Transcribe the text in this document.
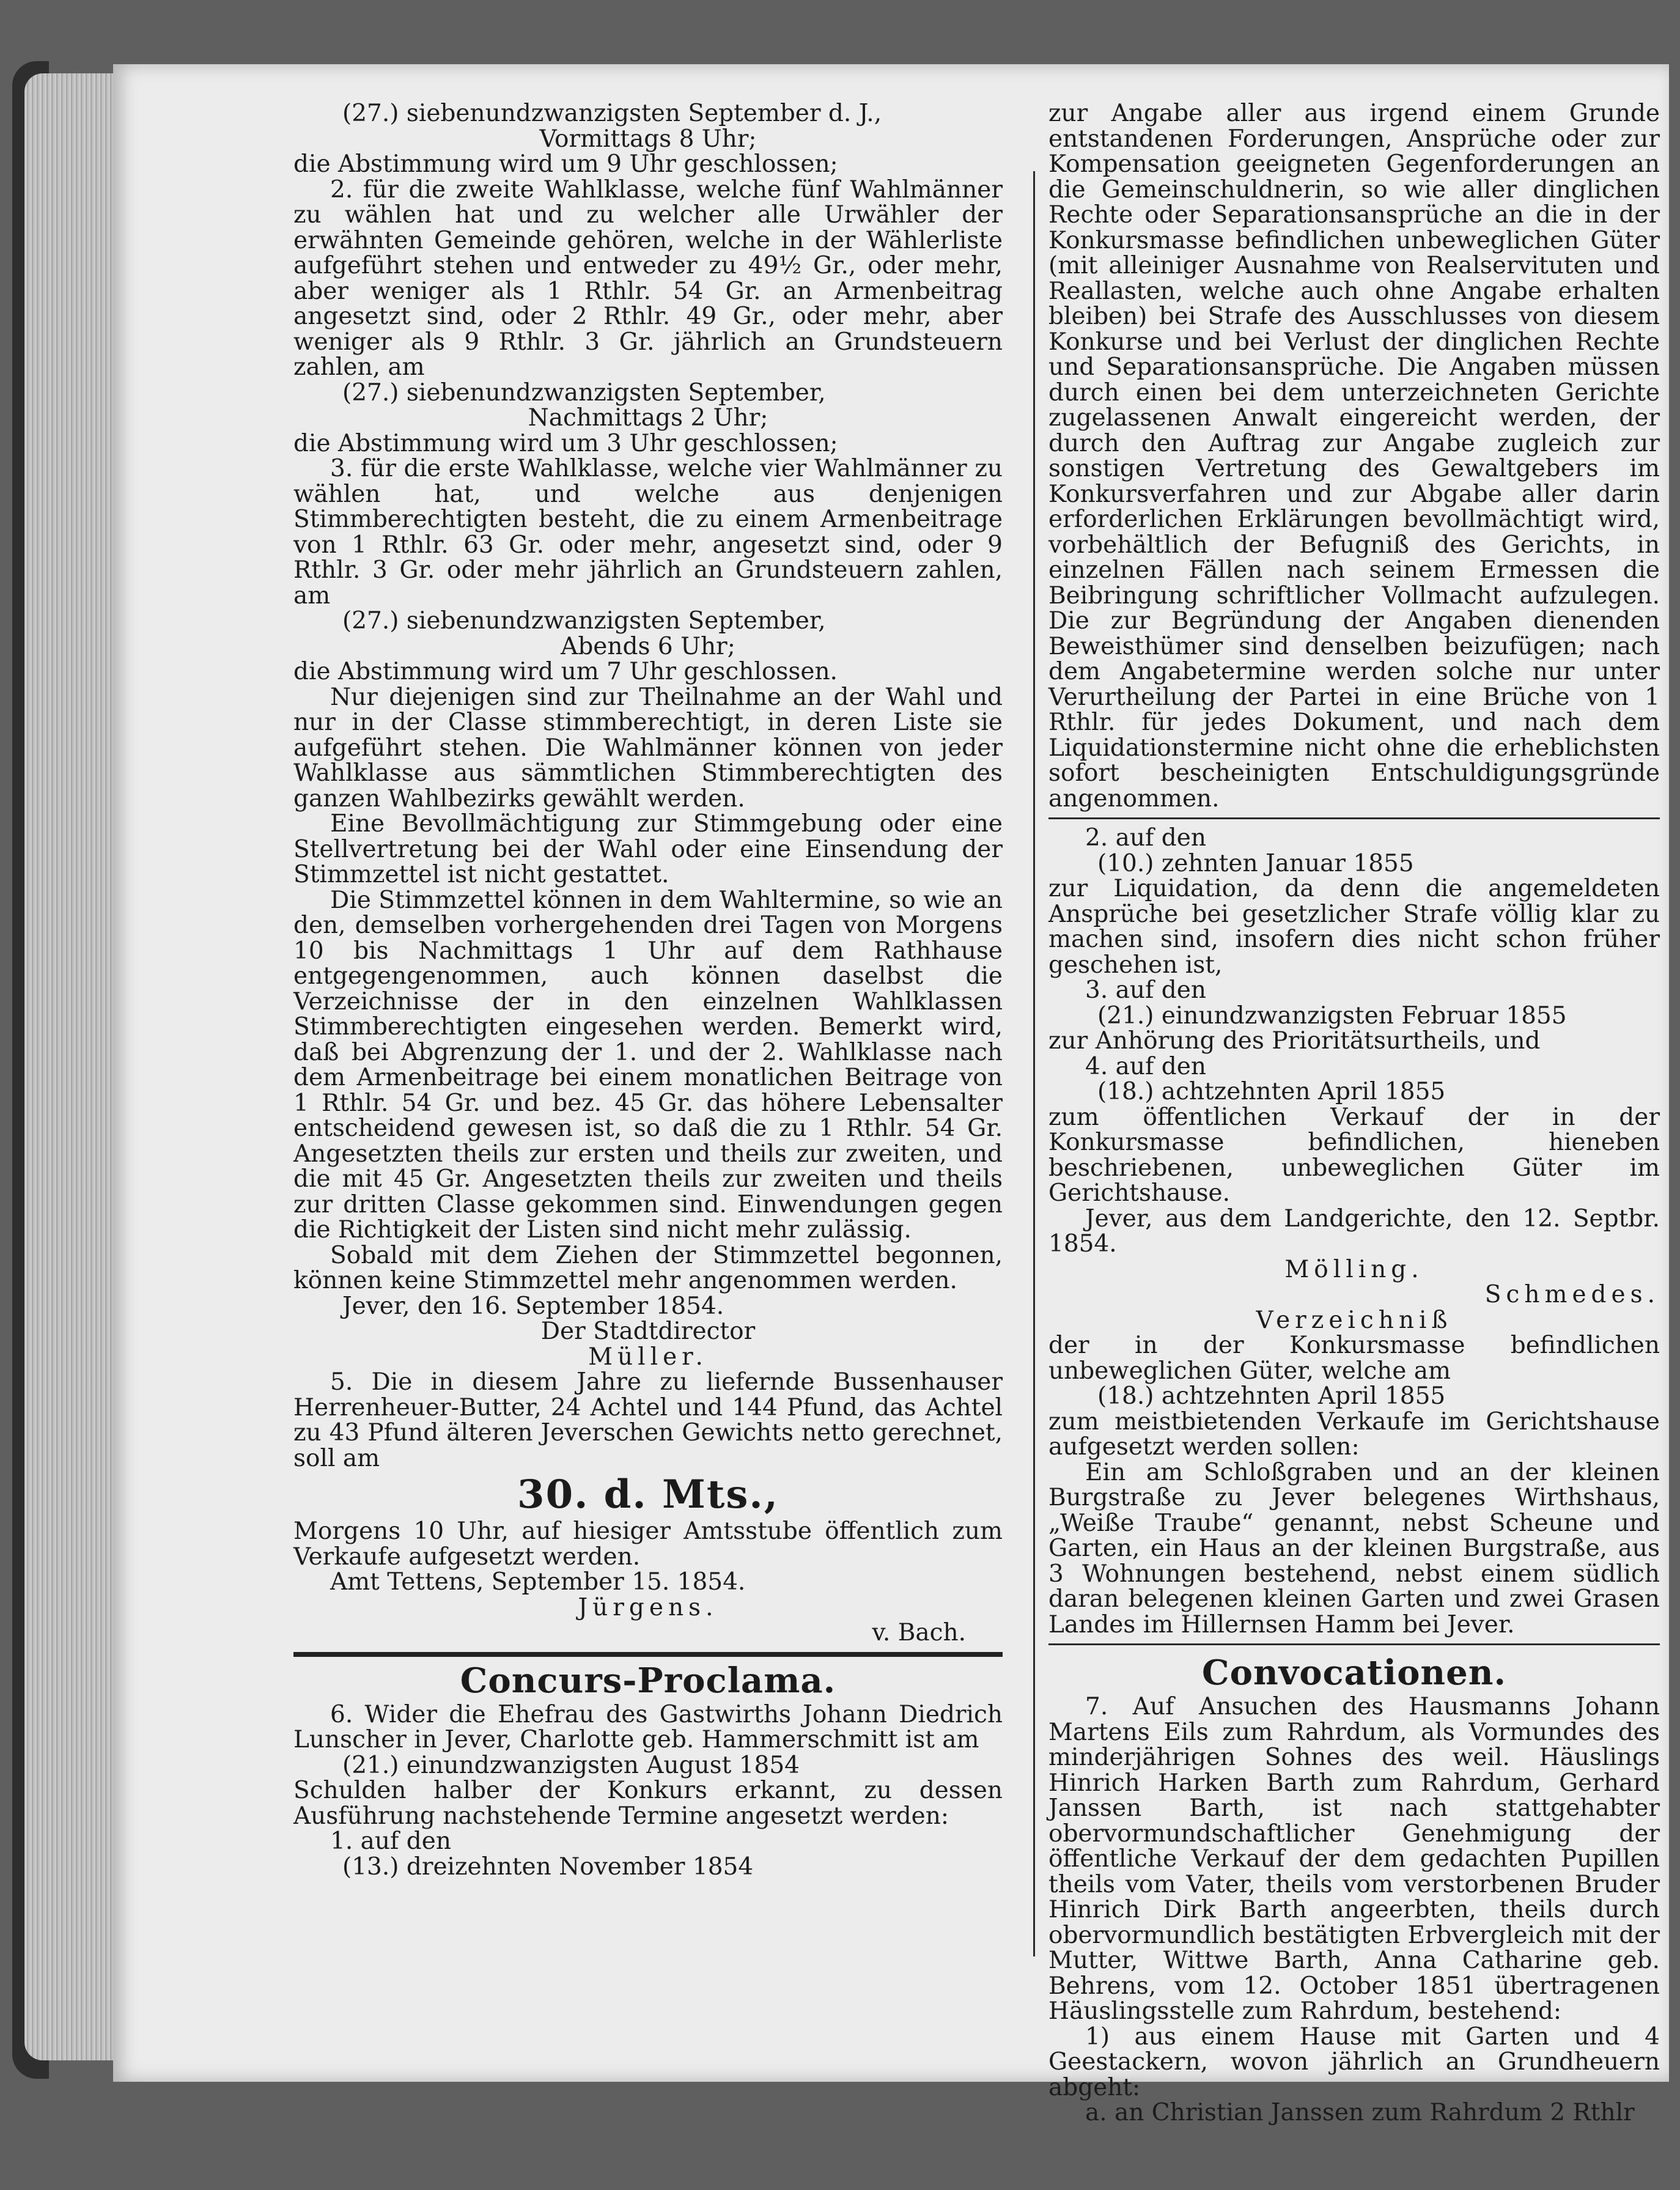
(27.) siebenundzwanzigsten September d. J.,

Vormittags 8 Uhr;

die Abstimmung wird um 9 Uhr geschlossen;

2. für die zweite Wahlklasse, welche fünf Wahlmänner zu wählen hat und zu welcher alle Urwähler der erwähnten Gemeinde gehören, welche in der Wählerliste aufgeführt stehen und entweder zu 49½ Gr., oder mehr, aber weniger als 1 Rthlr. 54 Gr. an Armenbeitrag angesetzt sind, oder 2 Rthlr. 49 Gr., oder mehr, aber weniger als 9 Rthlr. 3 Gr. jährlich an Grundsteuern zahlen, am

(27.) siebenundzwanzigsten September,

Nachmittags 2 Uhr;

die Abstimmung wird um 3 Uhr geschlossen;

3. für die erste Wahlklasse, welche vier Wahlmänner zu wählen hat, und welche aus denjenigen Stimmberechtigten besteht, die zu einem Armenbeitrage von 1 Rthlr. 63 Gr. oder mehr, angesetzt sind, oder 9 Rthlr. 3 Gr. oder mehr jährlich an Grundsteuern zahlen, am

(27.) siebenundzwanzigsten September,

Abends 6 Uhr;

die Abstimmung wird um 7 Uhr geschlossen.

Nur diejenigen sind zur Theilnahme an der Wahl und nur in der Classe stimmberechtigt, in deren Liste sie aufgeführt stehen. Die Wahlmänner können von jeder Wahlklasse aus sämmtlichen Stimmberechtigten des ganzen Wahlbezirks gewählt werden.

Eine Bevollmächtigung zur Stimmgebung oder eine Stellvertretung bei der Wahl oder eine Einsendung der Stimmzettel ist nicht gestattet.

Die Stimmzettel können in dem Wahltermine, so wie an den, demselben vorhergehenden drei Tagen von Morgens 10 bis Nachmittags 1 Uhr auf dem Rathhause entgegengenommen, auch können daselbst die Verzeichnisse der in den einzelnen Wahlklassen Stimmberechtigten eingesehen werden. Bemerkt wird, daß bei Abgrenzung der 1. und der 2. Wahlklasse nach dem Armenbeitrage bei einem monatlichen Beitrage von 1 Rthlr. 54 Gr. und bez. 45 Gr. das höhere Lebensalter entscheidend gewesen ist, so daß die zu 1 Rthlr. 54 Gr. Angesetzten theils zur ersten und theils zur zweiten, und die mit 45 Gr. Angesetzten theils zur zweiten und theils zur dritten Classe gekommen sind. Einwendungen gegen die Richtigkeit der Listen sind nicht mehr zulässig.

Sobald mit dem Ziehen der Stimmzettel begonnen, können keine Stimmzettel mehr angenommen werden.

Jever, den 16. September 1854.

Der Stadtdirector

Müller.

5. Die in diesem Jahre zu liefernde Bussenhauser Herrenheuer-Butter, 24 Achtel und 144 Pfund, das Achtel zu 43 Pfund älteren Jeverschen Gewichts netto gerechnet, soll am

30. d. Mts.,

Morgens 10 Uhr, auf hiesiger Amtsstube öffentlich zum Verkaufe aufgesetzt werden.

Amt Tettens, September 15. 1854.

Jürgens.

v. Bach.

Concurs-Proclama.

6. Wider die Ehefrau des Gastwirths Johann Diedrich Lunscher in Jever, Charlotte geb. Hammerschmitt ist am

(21.) einundzwanzigsten August 1854

Schulden halber der Konkurs erkannt, zu dessen Ausführung nachstehende Termine angesetzt werden:

1. auf den

(13.) dreizehnten November 1854

zur Angabe aller aus irgend einem Grunde entstandenen Forderungen, Ansprüche oder zur Kompensation geeigneten Gegenforderungen an die Gemeinschuldnerin, so wie aller dinglichen Rechte oder Separationsansprüche an die in der Konkursmasse befindlichen unbeweglichen Güter (mit alleiniger Ausnahme von Realservituten und Reallasten, welche auch ohne Angabe erhalten bleiben) bei Strafe des Ausschlusses von diesem Konkurse und bei Verlust der dinglichen Rechte und Separationsansprüche. Die Angaben müssen durch einen bei dem unterzeichneten Gerichte zugelassenen Anwalt eingereicht werden, der durch den Auftrag zur Angabe zugleich zur sonstigen Vertretung des Gewaltgebers im Konkursverfahren und zur Abgabe aller darin erforderlichen Erklärungen bevollmächtigt wird, vorbehältlich der Befugniß des Gerichts, in einzelnen Fällen nach seinem Ermessen die Beibringung schriftlicher Vollmacht aufzulegen. Die zur Begründung der Angaben dienenden Beweisthümer sind denselben beizufügen; nach dem Angabetermine werden solche nur unter Verurtheilung der Partei in eine Brüche von 1 Rthlr. für jedes Dokument, und nach dem Liquidationstermine nicht ohne die erheblichsten sofort bescheinigten Entschuldigungsgründe angenommen.

2. auf den

(10.) zehnten Januar 1855

zur Liquidation, da denn die angemeldeten Ansprüche bei gesetzlicher Strafe völlig klar zu machen sind, insofern dies nicht schon früher geschehen ist,

3. auf den

(21.) einundzwanzigsten Februar 1855

zur Anhörung des Prioritätsurtheils, und

4. auf den

(18.) achtzehnten April 1855

zum öffentlichen Verkauf der in der Konkursmasse befindlichen, hieneben beschriebenen, unbeweglichen Güter im Gerichtshause.

Jever, aus dem Landgerichte, den 12. Septbr. 1854.

Mölling.

Schmedes.

Verzeichniß

der in der Konkursmasse befindlichen unbeweglichen Güter, welche am

(18.) achtzehnten April 1855

zum meistbietenden Verkaufe im Gerichtshause aufgesetzt werden sollen:

Ein am Schloßgraben und an der kleinen Burgstraße zu Jever belegenes Wirthshaus, „Weiße Traube“ genannt, nebst Scheune und Garten, ein Haus an der kleinen Burgstraße, aus 3 Wohnungen bestehend, nebst einem südlich daran belegenen kleinen Garten und zwei Grasen Landes im Hillernsen Hamm bei Jever.

Convocationen.

7. Auf Ansuchen des Hausmanns Johann Martens Eils zum Rahrdum, als Vormundes des minderjährigen Sohnes des weil. Häuslings Hinrich Harken Barth zum Rahrdum, Gerhard Janssen Barth, ist nach stattgehabter obervormundschaftlicher Genehmigung der öffentliche Verkauf der dem gedachten Pupillen theils vom Vater, theils vom verstorbenen Bruder Hinrich Dirk Barth angeerbten, theils durch obervormundlich bestätigten Erbvergleich mit der Mutter, Wittwe Barth, Anna Catharine geb. Behrens, vom 12. October 1851 übertragenen Häuslingsstelle zum Rahrdum, bestehend:

1) aus einem Hause mit Garten und 4 Geestackern, wovon jährlich an Grundheuern abgeht:

a. an Christian Janssen zum Rahrdum 2 Rthlr
